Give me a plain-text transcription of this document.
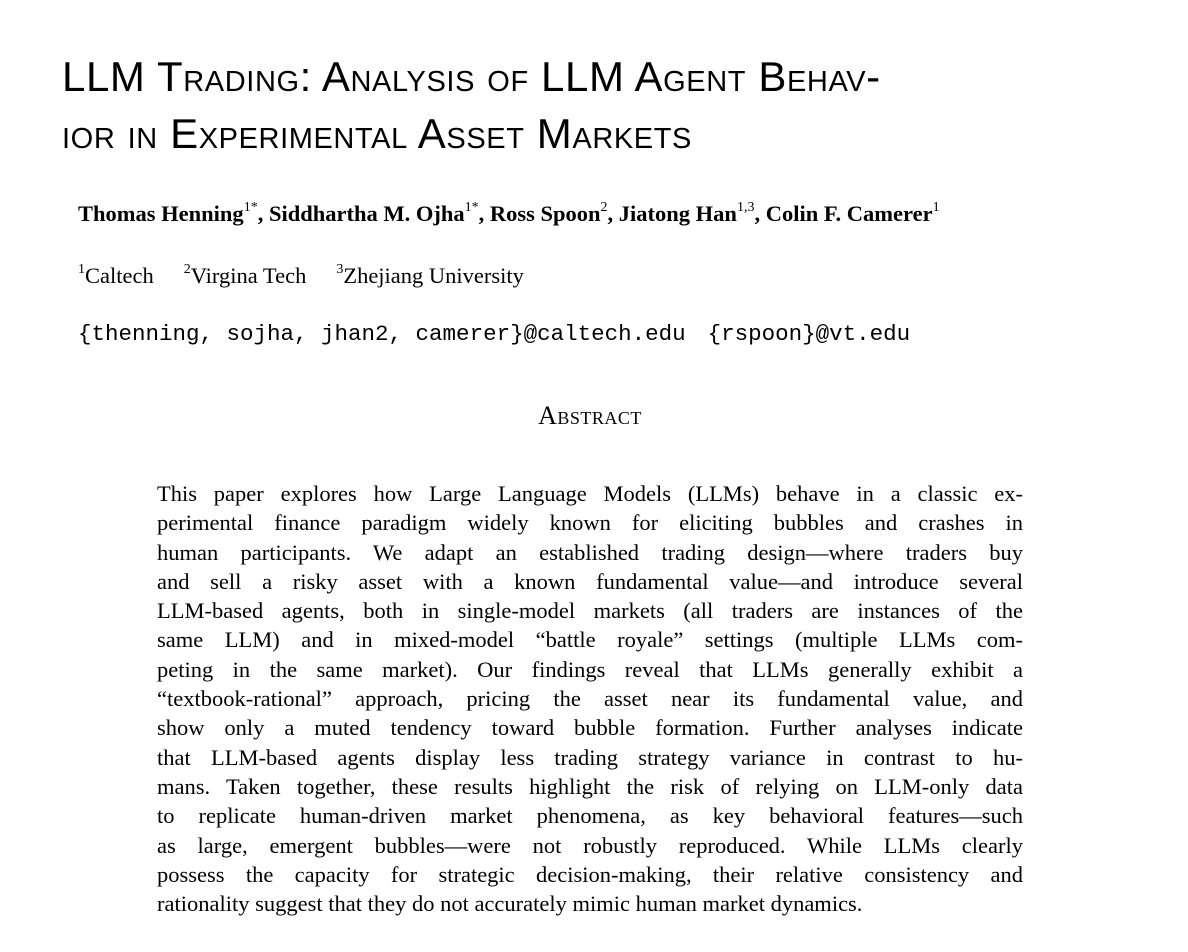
LLM Trading: Analysis of LLM Agent Behav-
ior in Experimental Asset Markets
Thomas Henning$^{1*}$, Siddhartha M. Ojha$^{1*}$, Ross Spoon$^2$, Jiatong Han$^{1,3}$, Colin F. Camerer$^1$
$^1$Caltech $^2$Virgina Tech $^3$Zhejiang University
{thenning, sojha, jhan2, camerer}@caltech.edu {rspoon}@vt.edu
Abstract
This paper explores how Large Language Models (LLMs) behave in a classic ex-
perimental finance paradigm widely known for eliciting bubbles and crashes in
human participants. We adapt an established trading design—where traders buy
and sell a risky asset with a known fundamental value—and introduce several
LLM-based agents, both in single-model markets (all traders are instances of the
same LLM) and in mixed-model “battle royale” settings (multiple LLMs com-
peting in the same market). Our findings reveal that LLMs generally exhibit a
“textbook-rational” approach, pricing the asset near its fundamental value, and
show only a muted tendency toward bubble formation. Further analyses indicate
that LLM-based agents display less trading strategy variance in contrast to hu-
mans. Taken together, these results highlight the risk of relying on LLM-only data
to replicate human-driven market phenomena, as key behavioral features—such
as large, emergent bubbles—were not robustly reproduced. While LLMs clearly
possess the capacity for strategic decision-making, their relative consistency and
rationality suggest that they do not accurately mimic human market dynamics.
